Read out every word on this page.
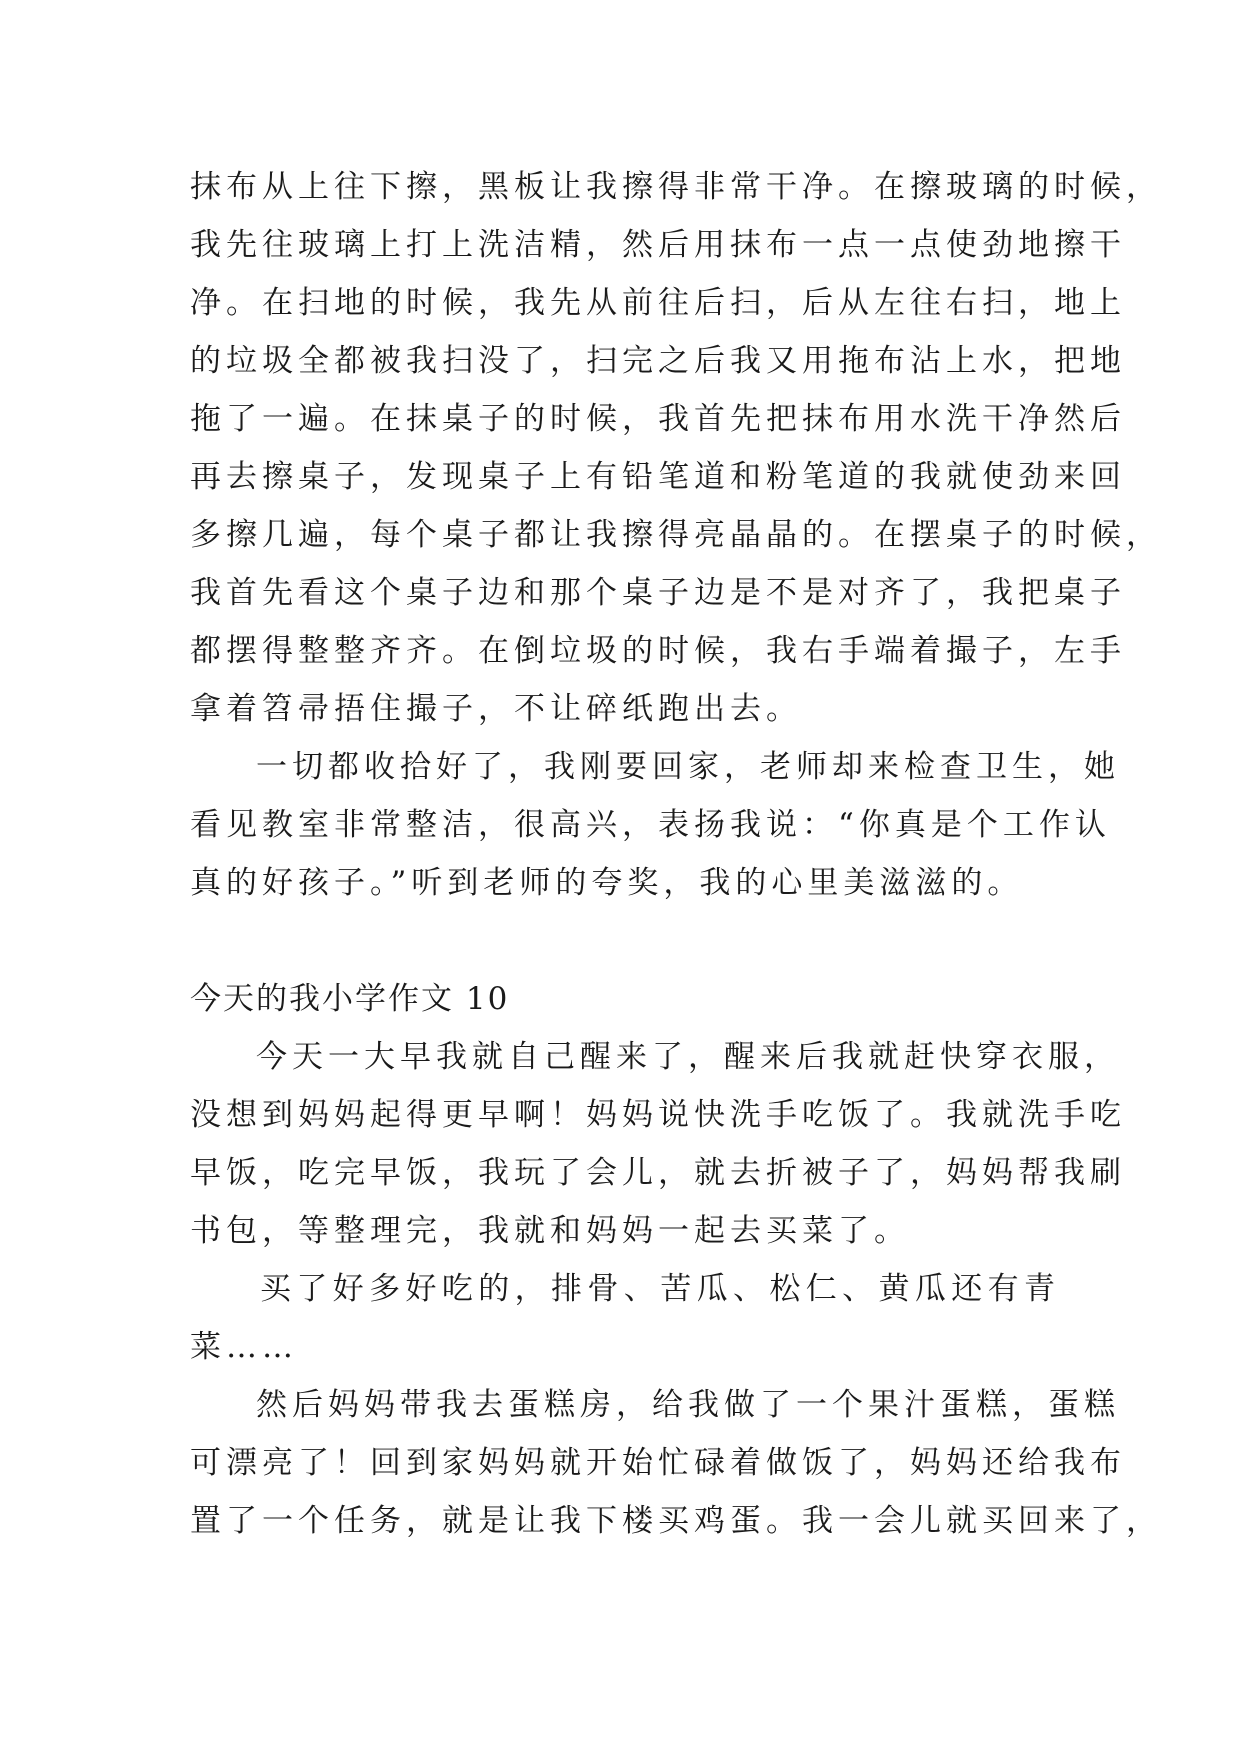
抹布从上往下擦，黑板让我擦得非常干净。在擦玻璃的时候，
我先往玻璃上打上洗洁精，然后用抹布一点一点使劲地擦干
净。在扫地的时候，我先从前往后扫，后从左往右扫，地上
的垃圾全都被我扫没了，扫完之后我又用拖布沾上水，把地
拖了一遍。在抹桌子的时候，我首先把抹布用水洗干净然后
再去擦桌子，发现桌子上有铅笔道和粉笔道的我就使劲来回
多擦几遍，每个桌子都让我擦得亮晶晶的。在摆桌子的时候，
我首先看这个桌子边和那个桌子边是不是对齐了，我把桌子
都摆得整整齐齐。在倒垃圾的时候，我右手端着撮子，左手
拿着笤帚捂住撮子，不让碎纸跑出去。
一切都收拾好了，我刚要回家，老师却来检查卫生，她
看见教室非常整洁，很高兴，表扬我说：“你真是个工作认
真的好孩子。”听到老师的夸奖，我的心里美滋滋的。
今天的我小学作文 10
今天一大早我就自己醒来了，醒来后我就赶快穿衣服，
没想到妈妈起得更早啊！妈妈说快洗手吃饭了。我就洗手吃
早饭，吃完早饭，我玩了会儿，就去折被子了，妈妈帮我刷
书包，等整理完，我就和妈妈一起去买菜了。
买了好多好吃的，排骨、苦瓜、松仁、黄瓜还有青
菜……
然后妈妈带我去蛋糕房，给我做了一个果汁蛋糕，蛋糕
可漂亮了！回到家妈妈就开始忙碌着做饭了，妈妈还给我布
置了一个任务，就是让我下楼买鸡蛋。我一会儿就买回来了，
